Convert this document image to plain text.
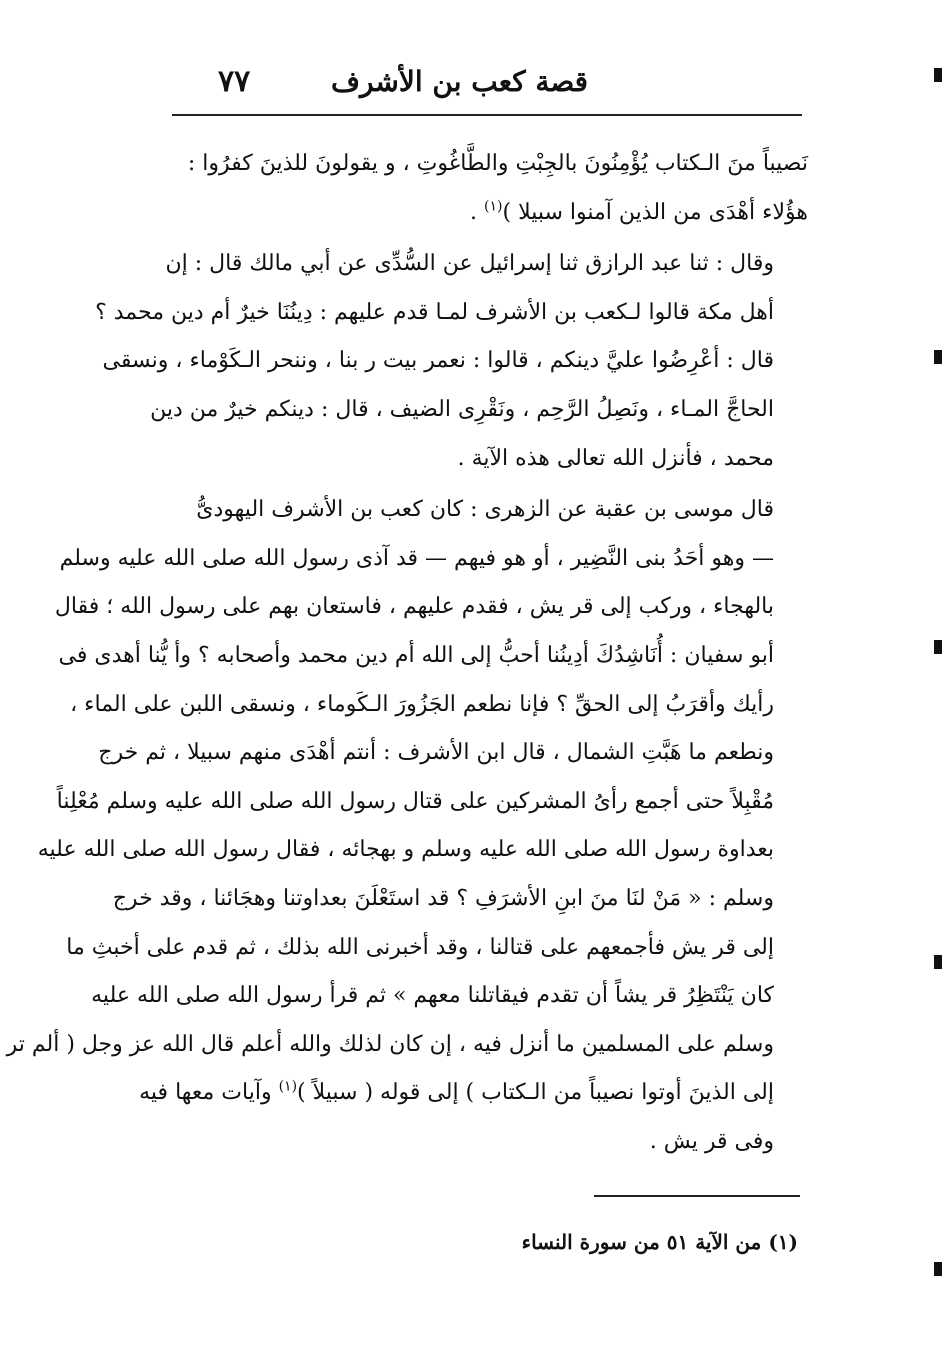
٧٧	قصة كعب بن الأشرف

نَصيباً منَ الـكتاب يُؤْمِنُونَ بالجِبْتِ والطَّاغُوتِ ، و يقولونَ للذينَ كفرُوا :
هؤُلاء أهْدَى من الذين آمنوا سبيلا )$^{(١)}$ .

وقال : ثنا عبد الرازق ثنا إسرائيل عن السُّدِّى عن أبي مالك قال : إن
أهل مكة قالوا لـكعب بن الأشرف لمـا قدم عليهم : دِينُنَا خيرٌ أم دين محمد ؟
قال : أعْرِضُوا عليَّ دينكم ، قالوا : نعمر بيت ر بنا ، وننحر الـكَوْماء ، ونسقى
الحاجَّ المـاء ، ونَصِلُ الرَّحِم ، ونَقْرِى الضيف ، قال : دينكم خيرٌ من دين
محمد ، فأنزل الله تعالى هذه الآية .

قال موسى بن عقبة عن الزهرى : كان كعب بن الأشرف اليهودىُّ
— وهو أحَدُ بنى النَّضِير ، أو هو فيهم — قد آذى رسول الله صلى الله عليه وسلم
بالهجاء ، وركب إلى قر يش ، فقدم عليهم ، فاستعان بهم على رسول الله ؛ فقال
أبو سفيان : أُنَاشِدُكَ أدِينُنا أحبُّ إلى الله أم دين محمد وأصحابه ؟ وأ يُّنا أهدى فى
رأيك وأقرَبُ إلى الحقِّ ؟ فإنا نطعم الجَزُورَ الـكَوماء ، ونسقى اللبن على الماء ،
ونطعم ما هَبَّتِ الشمال ، قال ابن الأشرف : أنتم أهْدَى منهم سبيلا ، ثم خرج
مُقْبِلاً حتى أجمع رأىُ المشركين على قتال رسول الله صلى الله عليه وسلم مُعْلِناً
بعداوة رسول الله صلى الله عليه وسلم و بهجائه ، فقال رسول الله صلى الله عليه
وسلم : « مَنْ لنَا منَ ابنِ الأشرَفِ ؟ قد استَعْلَنَ بعداوتنا وهجَائنا ، وقد خرج
إلى قر يش فأجمعهم على قتالنا ، وقد أخبرنى الله بذلك ، ثم قدم على أخبثِ ما
كان يَنْتَظِرُ قر يشاً أن تقدم فيقاتلنا معهم » ثم قرأ رسول الله صلى الله عليه
وسلم على المسلمين ما أنزل فيه ، إن كان لذلك والله أعلم قال الله عز وجل ( ألم تر
إلى الذينَ أوتوا نصيباً من الـكتاب ) إلى قوله ( سبيلاً )$^{(١)}$ وآيات معها فيه
وفى قر يش .

(١) من الآية ٥١ من سورة النساء
